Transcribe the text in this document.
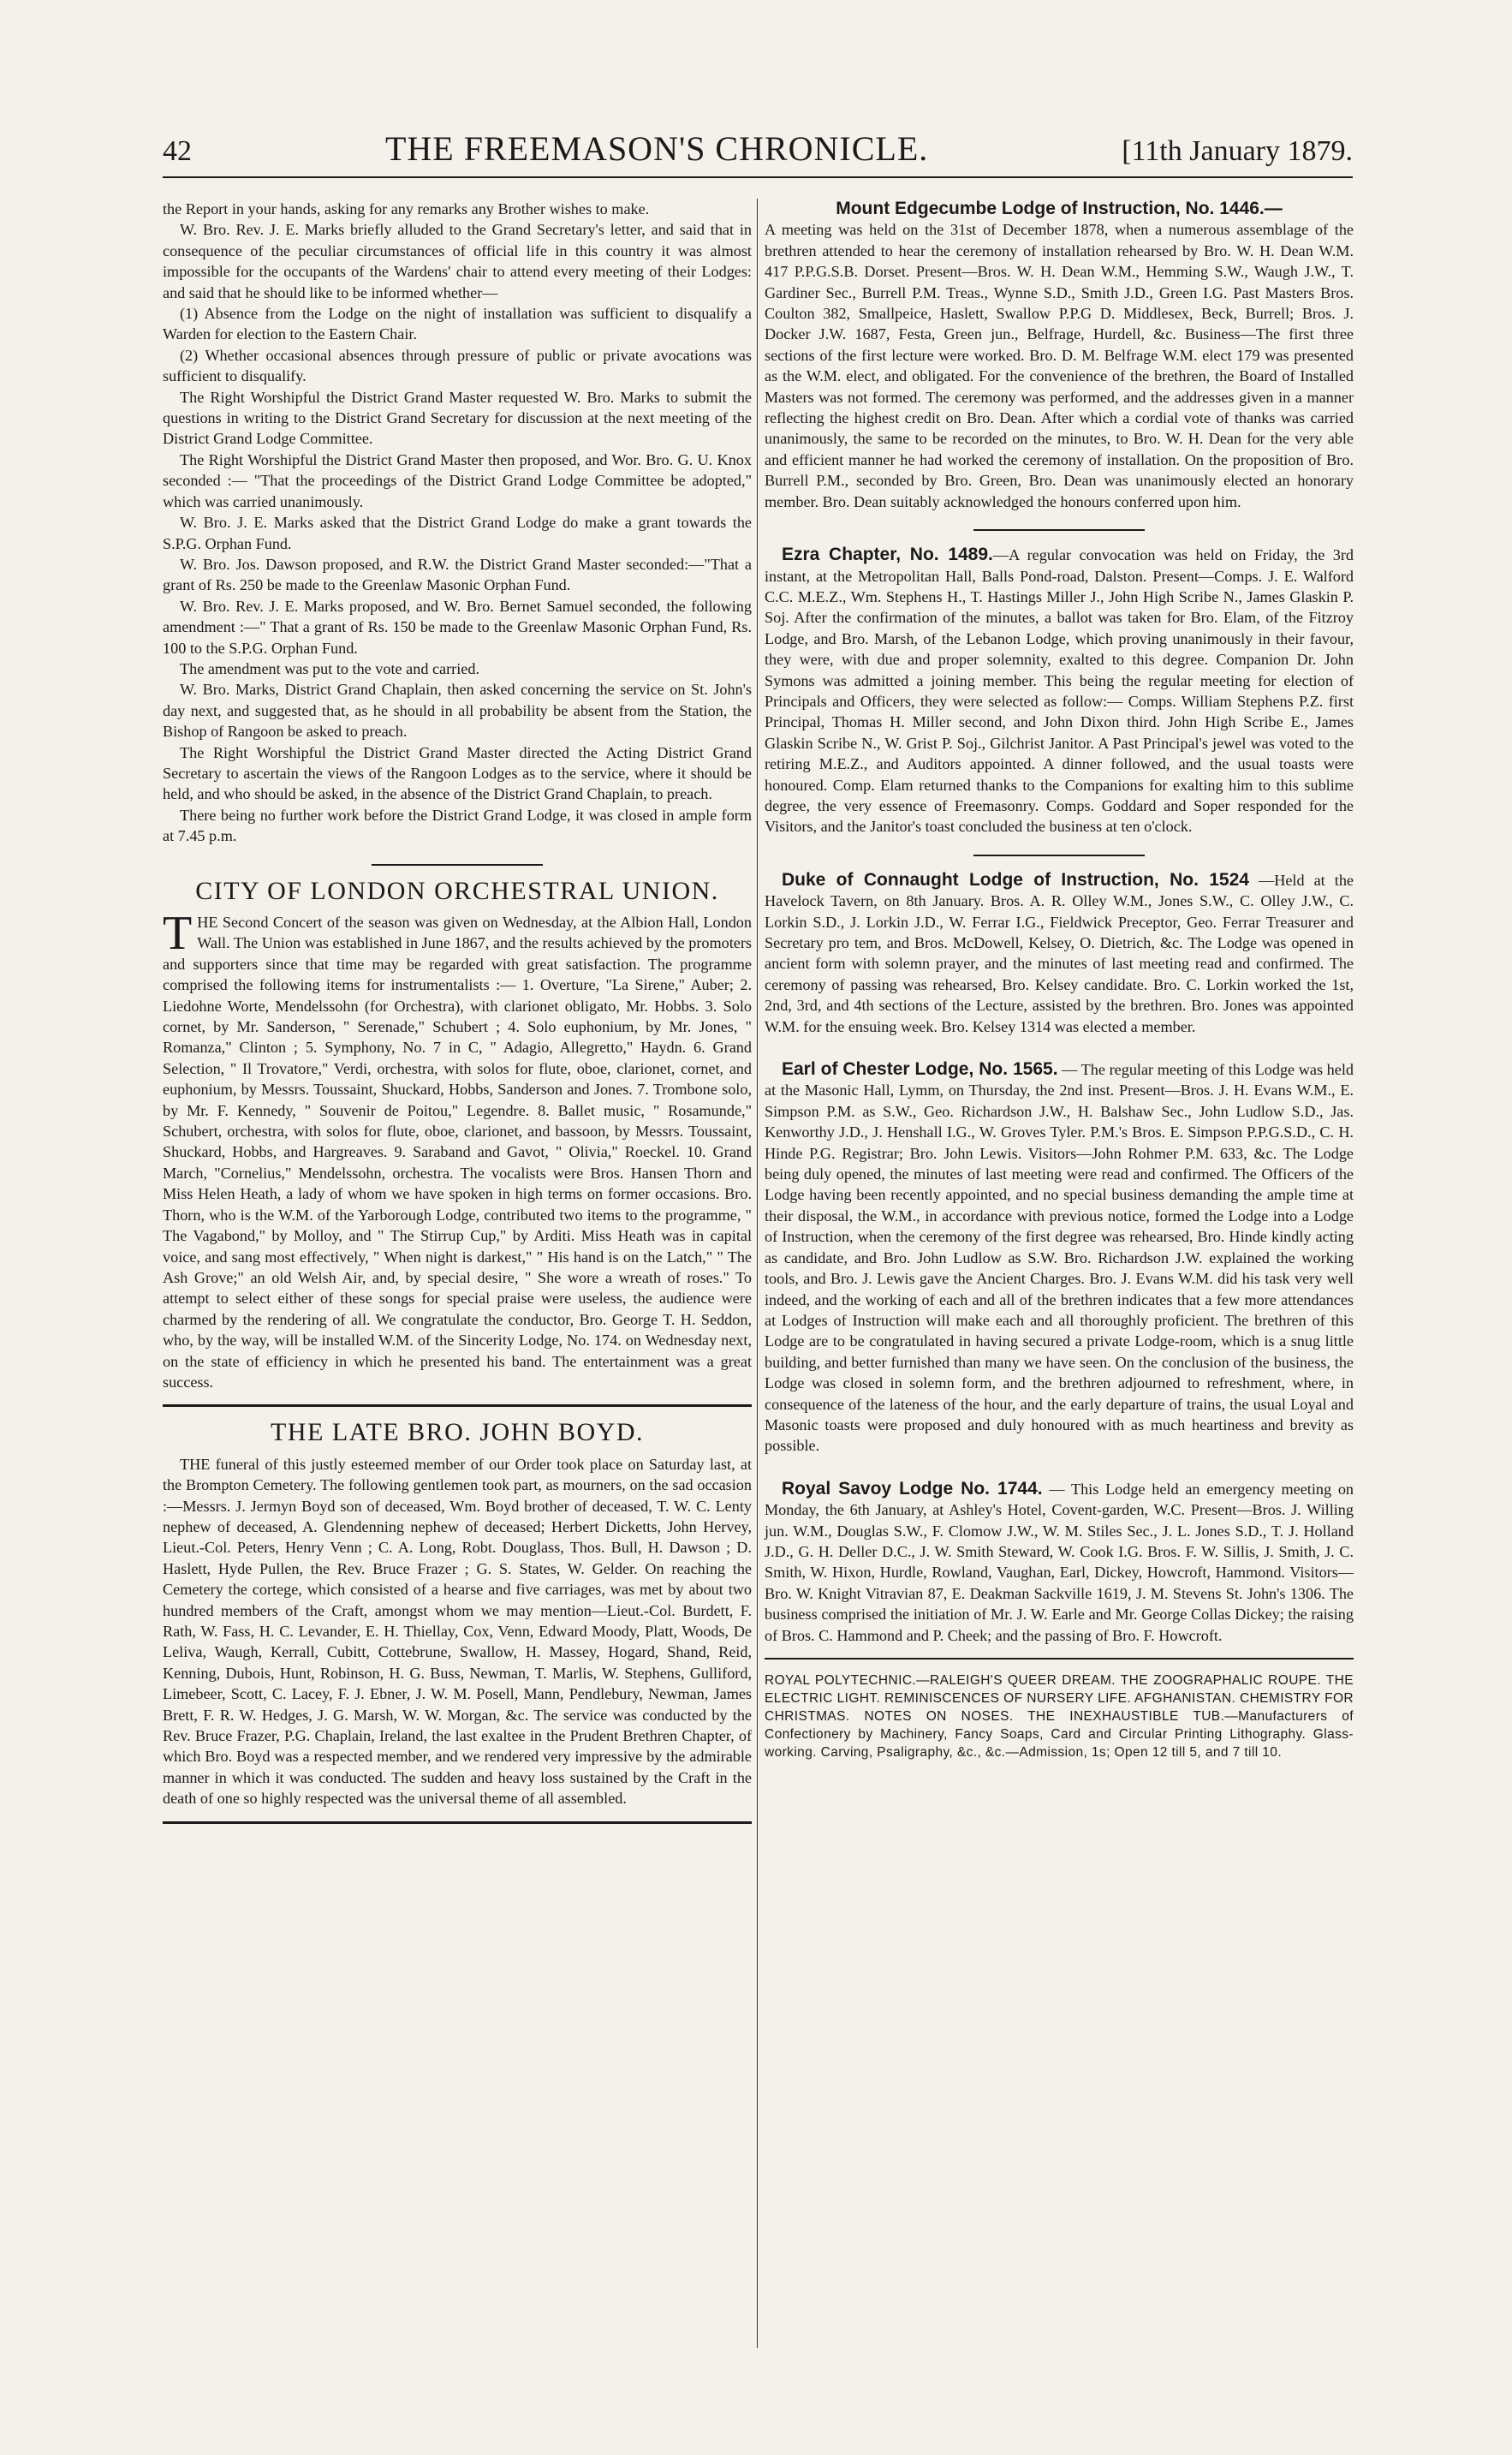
42	THE FREEMASON'S CHRONICLE.	[11th January 1879.

the Report in your hands, asking for any remarks any Brother wishes to make.

W. Bro. Rev. J. E. Marks briefly alluded to the Grand Secretary's letter, and said that in consequence of the peculiar circumstances of official life in this country it was almost impossible for the occupants of the Wardens' chair to attend every meeting of their Lodges: and said that he should like to be informed whether—

(1) Absence from the Lodge on the night of installation was sufficient to disqualify a Warden for election to the Eastern Chair.

(2) Whether occasional absences through pressure of public or private avocations was sufficient to disqualify.

The Right Worshipful the District Grand Master requested W. Bro. Marks to submit the questions in writing to the District Grand Secretary for discussion at the next meeting of the District Grand Lodge Committee.

The Right Worshipful the District Grand Master then proposed, and Wor. Bro. G. U. Knox seconded :— "That the proceedings of the District Grand Lodge Committee be adopted," which was carried unanimously.

W. Bro. J. E. Marks asked that the District Grand Lodge do make a grant towards the S.P.G. Orphan Fund.

W. Bro. Jos. Dawson proposed, and R.W. the District Grand Master seconded:—"That a grant of Rs. 250 be made to the Greenlaw Masonic Orphan Fund.

W. Bro. Rev. J. E. Marks proposed, and W. Bro. Bernet Samuel seconded, the following amendment :—" That a grant of Rs. 150 be made to the Greenlaw Masonic Orphan Fund, Rs. 100 to the S.P.G. Orphan Fund.

The amendment was put to the vote and carried.

W. Bro. Marks, District Grand Chaplain, then asked concerning the service on St. John's day next, and suggested that, as he should in all probability be absent from the Station, the Bishop of Rangoon be asked to preach.

The Right Worshipful the District Grand Master directed the Acting District Grand Secretary to ascertain the views of the Rangoon Lodges as to the service, where it should be held, and who should be asked, in the absence of the District Grand Chaplain, to preach.

There being no further work before the District Grand Lodge, it was closed in ample form at 7.45 p.m.

CITY OF LONDON ORCHESTRAL UNION.

THE Second Concert of the season was given on Wednesday, at the Albion Hall, London Wall. The Union was established in June 1867, and the results achieved by the promoters and supporters since that time may be regarded with great satisfaction. The programme comprised the following items for instrumentalists :— 1. Overture, "La Sirene," Auber; 2. Liedohne Worte, Mendelssohn (for Orchestra), with clarionet obligato, Mr. Hobbs. 3. Solo cornet, by Mr. Sanderson, " Serenade," Schubert ; 4. Solo euphonium, by Mr. Jones, " Romanza," Clinton ; 5. Symphony, No. 7 in C, " Adagio, Allegretto," Haydn. 6. Grand Selection, " Il Trovatore," Verdi, orchestra, with solos for flute, oboe, clarionet, cornet, and euphonium, by Messrs. Toussaint, Shuckard, Hobbs, Sanderson and Jones. 7. Trombone solo, by Mr. F. Kennedy, " Souvenir de Poitou," Legendre. 8. Ballet music, " Rosamunde," Schubert, orchestra, with solos for flute, oboe, clarionet, and bassoon, by Messrs. Toussaint, Shuckard, Hobbs, and Hargreaves. 9. Saraband and Gavot, " Olivia," Roeckel. 10. Grand March, "Cornelius," Mendelssohn, orchestra. The vocalists were Bros. Hansen Thorn and Miss Helen Heath, a lady of whom we have spoken in high terms on former occasions. Bro. Thorn, who is the W.M. of the Yarborough Lodge, contributed two items to the programme, " The Vagabond," by Molloy, and " The Stirrup Cup," by Arditi. Miss Heath was in capital voice, and sang most effectively, " When night is darkest," " His hand is on the Latch," " The Ash Grove;" an old Welsh Air, and, by special desire, " She wore a wreath of roses." To attempt to select either of these songs for special praise were useless, the audience were charmed by the rendering of all. We congratulate the conductor, Bro. George T. H. Seddon, who, by the way, will be installed W.M. of the Sincerity Lodge, No. 174. on Wednesday next, on the state of efficiency in which he presented his band. The entertainment was a great success.

THE LATE BRO. JOHN BOYD.

THE funeral of this justly esteemed member of our Order took place on Saturday last, at the Brompton Cemetery. The following gentlemen took part, as mourners, on the sad occasion :—Messrs. J. Jermyn Boyd son of deceased, Wm. Boyd brother of deceased, T. W. C. Lenty nephew of deceased, A. Glendenning nephew of deceased; Herbert Dicketts, John Hervey, Lieut.-Col. Peters, Henry Venn ; C. A. Long, Robt. Douglass, Thos. Bull, H. Dawson ; D. Haslett, Hyde Pullen, the Rev. Bruce Frazer ; G. S. States, W. Gelder. On reaching the Cemetery the cortege, which consisted of a hearse and five carriages, was met by about two hundred members of the Craft, amongst whom we may mention—Lieut.-Col. Burdett, F. Rath, W. Fass, H. C. Levander, E. H. Thiellay, Cox, Venn, Edward Moody, Platt, Woods, De Leliva, Waugh, Kerrall, Cubitt, Cottebrune, Swallow, H. Massey, Hogard, Shand, Reid, Kenning, Dubois, Hunt, Robinson, H. G. Buss, Newman, T. Marlis, W. Stephens, Gulliford, Limebeer, Scott, C. Lacey, F. J. Ebner, J. W. M. Posell, Mann, Pendlebury, Newman, James Brett, F. R. W. Hedges, J. G. Marsh, W. W. Morgan, &c. The service was conducted by the Rev. Bruce Frazer, P.G. Chaplain, Ireland, the last exaltee in the Prudent Brethren Chapter, of which Bro. Boyd was a respected member, and we rendered very impressive by the admirable manner in which it was conducted. The sudden and heavy loss sustained by the Craft in the death of one so highly respected was the universal theme of all assembled.

Mount Edgecumbe Lodge of Instruction, No. 1446.—

A meeting was held on the 31st of December 1878, when a numerous assemblage of the brethren attended to hear the ceremony of installation rehearsed by Bro. W. H. Dean W.M. 417 P.P.G.S.B. Dorset. Present—Bros. W. H. Dean W.M., Hemming S.W., Waugh J.W., T. Gardiner Sec., Burrell P.M. Treas., Wynne S.D., Smith J.D., Green I.G. Past Masters Bros. Coulton 382, Smallpeice, Haslett, Swallow P.P.G D. Middlesex, Beck, Burrell; Bros. J. Docker J.W. 1687, Festa, Green jun., Belfrage, Hurdell, &c. Business—The first three sections of the first lecture were worked. Bro. D. M. Belfrage W.M. elect 179 was presented as the W.M. elect, and obligated. For the convenience of the brethren, the Board of Installed Masters was not formed. The ceremony was performed, and the addresses given in a manner reflecting the highest credit on Bro. Dean. After which a cordial vote of thanks was carried unanimously, the same to be recorded on the minutes, to Bro. W. H. Dean for the very able and efficient manner he had worked the ceremony of installation. On the proposition of Bro. Burrell P.M., seconded by Bro. Green, Bro. Dean was unanimously elected an honorary member. Bro. Dean suitably acknowledged the honours conferred upon him.

Ezra Chapter, No. 1489.—A regular convocation was held on Friday, the 3rd instant, at the Metropolitan Hall, Balls Pond-road, Dalston. Present—Comps. J. E. Walford C.C. M.E.Z., Wm. Stephens H., T. Hastings Miller J., John High Scribe N., James Glaskin P. Soj. After the confirmation of the minutes, a ballot was taken for Bro. Elam, of the Fitzroy Lodge, and Bro. Marsh, of the Lebanon Lodge, which proving unanimously in their favour, they were, with due and proper solemnity, exalted to this degree. Companion Dr. John Symons was admitted a joining member. This being the regular meeting for election of Principals and Officers, they were selected as follow:— Comps. William Stephens P.Z. first Principal, Thomas H. Miller second, and John Dixon third. John High Scribe E., James Glaskin Scribe N., W. Grist P. Soj., Gilchrist Janitor. A Past Principal's jewel was voted to the retiring M.E.Z., and Auditors appointed. A dinner followed, and the usual toasts were honoured. Comp. Elam returned thanks to the Companions for exalting him to this sublime degree, the very essence of Freemasonry. Comps. Goddard and Soper responded for the Visitors, and the Janitor's toast concluded the business at ten o'clock.

Duke of Connaught Lodge of Instruction, No. 1524 —Held at the Havelock Tavern, on 8th January. Bros. A. R. Olley W.M., Jones S.W., C. Olley J.W., C. Lorkin S.D., J. Lorkin J.D., W. Ferrar I.G., Fieldwick Preceptor, Geo. Ferrar Treasurer and Secretary pro tem, and Bros. McDowell, Kelsey, O. Dietrich, &c. The Lodge was opened in ancient form with solemn prayer, and the minutes of last meeting read and confirmed. The ceremony of passing was rehearsed, Bro. Kelsey candidate. Bro. C. Lorkin worked the 1st, 2nd, 3rd, and 4th sections of the Lecture, assisted by the brethren. Bro. Jones was appointed W.M. for the ensuing week. Bro. Kelsey 1314 was elected a member.

Earl of Chester Lodge, No. 1565. — The regular meeting of this Lodge was held at the Masonic Hall, Lymm, on Thursday, the 2nd inst. Present—Bros. J. H. Evans W.M., E. Simpson P.M. as S.W., Geo. Richardson J.W., H. Balshaw Sec., John Ludlow S.D., Jas. Kenworthy J.D., J. Henshall I.G., W. Groves Tyler. P.M.'s Bros. E. Simpson P.P.G.S.D., C. H. Hinde P.G. Registrar; Bro. John Lewis. Visitors—John Rohmer P.M. 633, &c. The Lodge being duly opened, the minutes of last meeting were read and confirmed. The Officers of the Lodge having been recently appointed, and no special business demanding the ample time at their disposal, the W.M., in accordance with previous notice, formed the Lodge into a Lodge of Instruction, when the ceremony of the first degree was rehearsed, Bro. Hinde kindly acting as candidate, and Bro. John Ludlow as S.W. Bro. Richardson J.W. explained the working tools, and Bro. J. Lewis gave the Ancient Charges. Bro. J. Evans W.M. did his task very well indeed, and the working of each and all of the brethren indicates that a few more attendances at Lodges of Instruction will make each and all thoroughly proficient. The brethren of this Lodge are to be congratulated in having secured a private Lodge-room, which is a snug little building, and better furnished than many we have seen. On the conclusion of the business, the Lodge was closed in solemn form, and the brethren adjourned to refreshment, where, in consequence of the lateness of the hour, and the early departure of trains, the usual Loyal and Masonic toasts were proposed and duly honoured with as much heartiness and brevity as possible.

Royal Savoy Lodge No. 1744. — This Lodge held an emergency meeting on Monday, the 6th January, at Ashley's Hotel, Covent-garden, W.C. Present—Bros. J. Willing jun. W.M., Douglas S.W., F. Clomow J.W., W. M. Stiles Sec., J. L. Jones S.D., T. J. Holland J.D., G. H. Deller D.C., J. W. Smith Steward, W. Cook I.G. Bros. F. W. Sillis, J. Smith, J. C. Smith, W. Hixon, Hurdle, Rowland, Vaughan, Earl, Dickey, Howcroft, Hammond. Visitors—Bro. W. Knight Vitravian 87, E. Deakman Sackville 1619, J. M. Stevens St. John's 1306. The business comprised the initiation of Mr. J. W. Earle and Mr. George Collas Dickey; the raising of Bros. C. Hammond and P. Cheek; and the passing of Bro. F. Howcroft.

ROYAL POLYTECHNIC.—RALEIGH'S QUEER DREAM. THE ZOOGRAPHALIC ROUPE. THE ELECTRIC LIGHT. REMINISCENCES OF NURSERY LIFE. AFGHANISTAN. CHEMISTRY FOR CHRISTMAS. NOTES ON NOSES. THE INEXHAUSTIBLE TUB.—Manufacturers of Confectionery by Machinery, Fancy Soaps, Card and Circular Printing Lithography. Glass-working. Carving, Psaligraphy, &c., &c.—Admission, 1s; Open 12 till 5, and 7 till 10.
